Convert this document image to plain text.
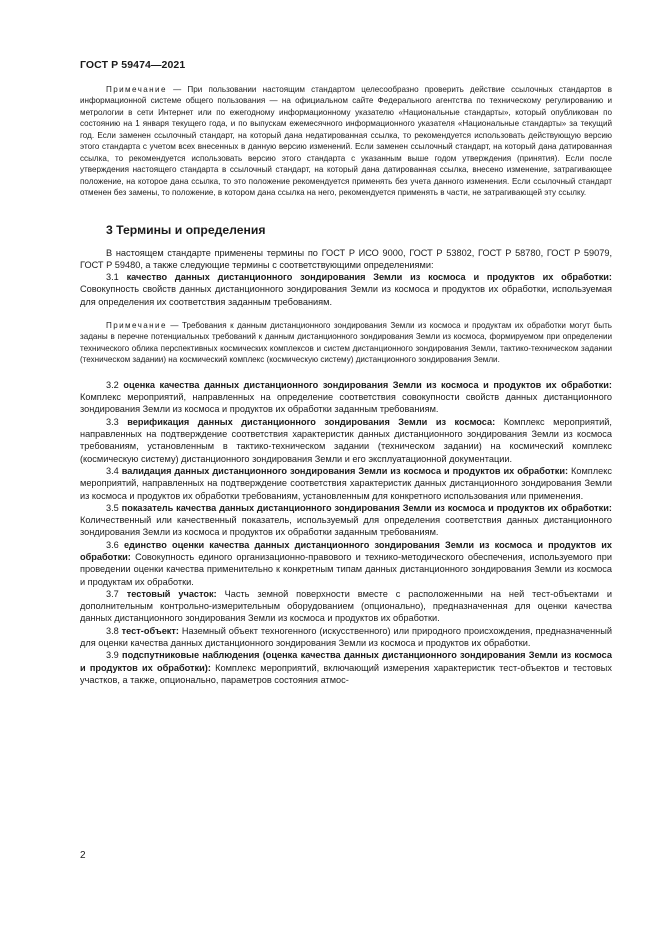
ГОСТ Р 59474—2021

Примечание — При пользовании настоящим стандартом целесообразно проверить действие ссылочных стандартов в информационной системе общего пользования — на официальном сайте Федерального агентства по техническому регулированию и метрологии в сети Интернет или по ежегодному информационному указателю «Национальные стандарты», который опубликован по состоянию на 1 января текущего года, и по выпускам ежемесячного информационного указателя «Национальные стандарты» за текущий год. Если заменен ссылочный стандарт, на который дана недатированная ссылка, то рекомендуется использовать действующую версию этого стандарта с учетом всех внесенных в данную версию изменений. Если заменен ссылочный стандарт, на который дана датированная ссылка, то рекомендуется использовать версию этого стандарта с указанным выше годом утверждения (принятия). Если после утверждения настоящего стандарта в ссылочный стандарт, на который дана датированная ссылка, внесено изменение, затрагивающее положение, на которое дана ссылка, то это положение рекомендуется применять без учета данного изменения. Если ссылочный стандарт отменен без замены, то положение, в котором дана ссылка на него, рекомендуется применять в части, не затрагивающей эту ссылку.

3 Термины и определения

В настоящем стандарте применены термины по ГОСТ Р ИСО 9000, ГОСТ Р 53802, ГОСТ Р 58780, ГОСТ Р 59079, ГОСТ Р 59480, а также следующие термины с соответствующими определениями:

3.1 качество данных дистанционного зондирования Земли из космоса и продуктов их обработки: Совокупность свойств данных дистанционного зондирования Земли из космоса и продуктов их обработки, используемая для определения их соответствия заданным требованиям.

Примечание — Требования к данным дистанционного зондирования Земли из космоса и продуктам их обработки могут быть заданы в перечне потенциальных требований к данным дистанционного зондирования Земли из космоса, формируемом при определении технического облика перспективных космических комплексов и систем дистанционного зондирования Земли, тактико-техническом задании (техническом задании) на космический комплекс (космическую систему) дистанционного зондирования Земли.

3.2 оценка качества данных дистанционного зондирования Земли из космоса и продуктов их обработки: Комплекс мероприятий, направленных на определение соответствия совокупности свойств данных дистанционного зондирования Земли из космоса и продуктов их обработки заданным требованиям.

3.3 верификация данных дистанционного зондирования Земли из космоса: Комплекс мероприятий, направленных на подтверждение соответствия характеристик данных дистанционного зондирования Земли из космоса требованиям, установленным в тактико-техническом задании (техническом задании) на космический комплекс (космическую систему) дистанционного зондирования Земли и его эксплуатационной документации.

3.4 валидация данных дистанционного зондирования Земли из космоса и продуктов их обработки: Комплекс мероприятий, направленных на подтверждение соответствия характеристик данных дистанционного зондирования Земли из космоса и продуктов их обработки требованиям, установленным для конкретного использования или применения.

3.5 показатель качества данных дистанционного зондирования Земли из космоса и продуктов их обработки: Количественный или качественный показатель, используемый для определения соответствия данных дистанционного зондирования Земли из космоса и продуктов их обработки заданным требованиям.

3.6 единство оценки качества данных дистанционного зондирования Земли из космоса и продуктов их обработки: Совокупность единого организационно-правового и технико-методического обеспечения, используемого при проведении оценки качества применительно к конкретным типам данных дистанционного зондирования Земли из космоса и продуктам их обработки.

3.7 тестовый участок: Часть земной поверхности вместе с расположенными на ней тест-объектами и дополнительным контрольно-измерительным оборудованием (опционально), предназначенная для оценки качества данных дистанционного зондирования Земли из космоса и продуктов их обработки.

3.8 тест-объект: Наземный объект техногенного (искусственного) или природного происхождения, предназначенный для оценки качества данных дистанционного зондирования Земли из космоса и продуктов их обработки.

3.9 подспутниковые наблюдения (оценка качества данных дистанционного зондирования Земли из космоса и продуктов их обработки): Комплекс мероприятий, включающий измерения характеристик тест-объектов и тестовых участков, а также, опционально, параметров состояния атмос-

2
